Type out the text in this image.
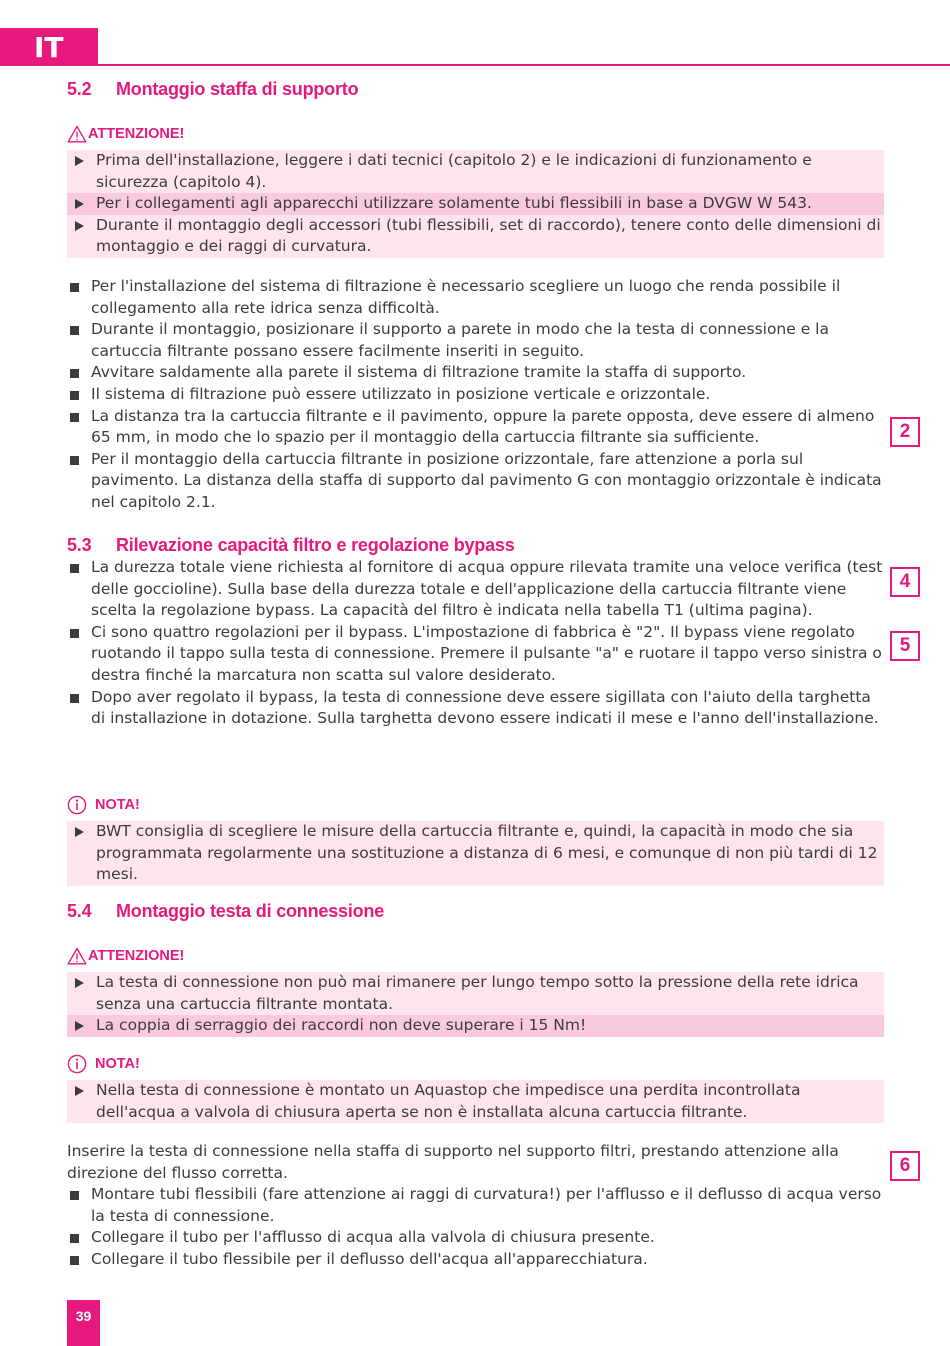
IT
5.2 Montaggio staffa di supporto
ATTENZIONE!
Prima dell'installazione, leggere i dati tecnici (capitolo 2) e le indicazioni di funzionamento e sicurezza (capitolo 4).
Per i collegamenti agli apparecchi utilizzare solamente tubi flessibili in base a DVGW W 543.
Durante il montaggio degli accessori (tubi flessibili, set di raccordo), tenere conto delle dimensioni di montaggio e dei raggi di curvatura.
Per l'installazione del sistema di filtrazione è necessario scegliere un luogo che renda possibile il collegamento alla rete idrica senza difficoltà.
Durante il montaggio, posizionare il supporto a parete in modo che la testa di connessione e la cartuccia filtrante possano essere facilmente inseriti in seguito.
Avvitare saldamente alla parete il sistema di filtrazione tramite la staffa di supporto.
Il sistema di filtrazione può essere utilizzato in posizione verticale e orizzontale.
La distanza tra la cartuccia filtrante e il pavimento, oppure la parete opposta, deve essere di almeno 65 mm, in modo che lo spazio per il montaggio della cartuccia filtrante sia sufficiente.
Per il montaggio della cartuccia filtrante in posizione orizzontale, fare attenzione a porla sul pavimento. La distanza della staffa di supporto dal pavimento G con montaggio orizzontale è indicata nel capitolo 2.1.
2
5.3 Rilevazione capacità filtro e regolazione bypass
La durezza totale viene richiesta al fornitore di acqua oppure rilevata tramite una veloce verifica (test delle goccioline). Sulla base della durezza totale e dell'applicazione della cartuccia filtrante viene scelta la regolazione bypass. La capacità del filtro è indicata nella tabella T1 (ultima pagina).
Ci sono quattro regolazioni per il bypass. L'impostazione di fabbrica è "2". Il bypass viene regolato ruotando il tappo sulla testa di connessione. Premere il pulsante "a" e ruotare il tappo verso sinistra o destra finché la marcatura non scatta sul valore desiderato.
Dopo aver regolato il bypass, la testa di connessione deve essere sigillata con l'aiuto della targhetta di installazione in dotazione. Sulla targhetta devono essere indicati il mese e l'anno dell'installazione.
4
5
NOTA!
BWT consiglia di scegliere le misure della cartuccia filtrante e, quindi, la capacità in modo che sia programmata regolarmente una sostituzione a distanza di 6 mesi, e comunque di non più tardi di 12 mesi.
5.4 Montaggio testa di connessione
ATTENZIONE!
La testa di connessione non può mai rimanere per lungo tempo sotto la pressione della rete idrica senza una cartuccia filtrante montata.
La coppia di serraggio dei raccordi non deve superare i 15 Nm!
NOTA!
Nella testa di connessione è montato un Aquastop che impedisce una perdita incontrollata dell'acqua a valvola di chiusura aperta se non è installata alcuna cartuccia filtrante.
Inserire la testa di connessione nella staffa di supporto nel supporto filtri, prestando attenzione alla direzione del flusso corretta.
Montare tubi flessibili (fare attenzione ai raggi di curvatura!) per l'afflusso e il deflusso di acqua verso la testa di connessione.
Collegare il tubo per l'afflusso di acqua alla valvola di chiusura presente.
Collegare il tubo flessibile per il deflusso dell'acqua all'apparecchiatura.
6
39
